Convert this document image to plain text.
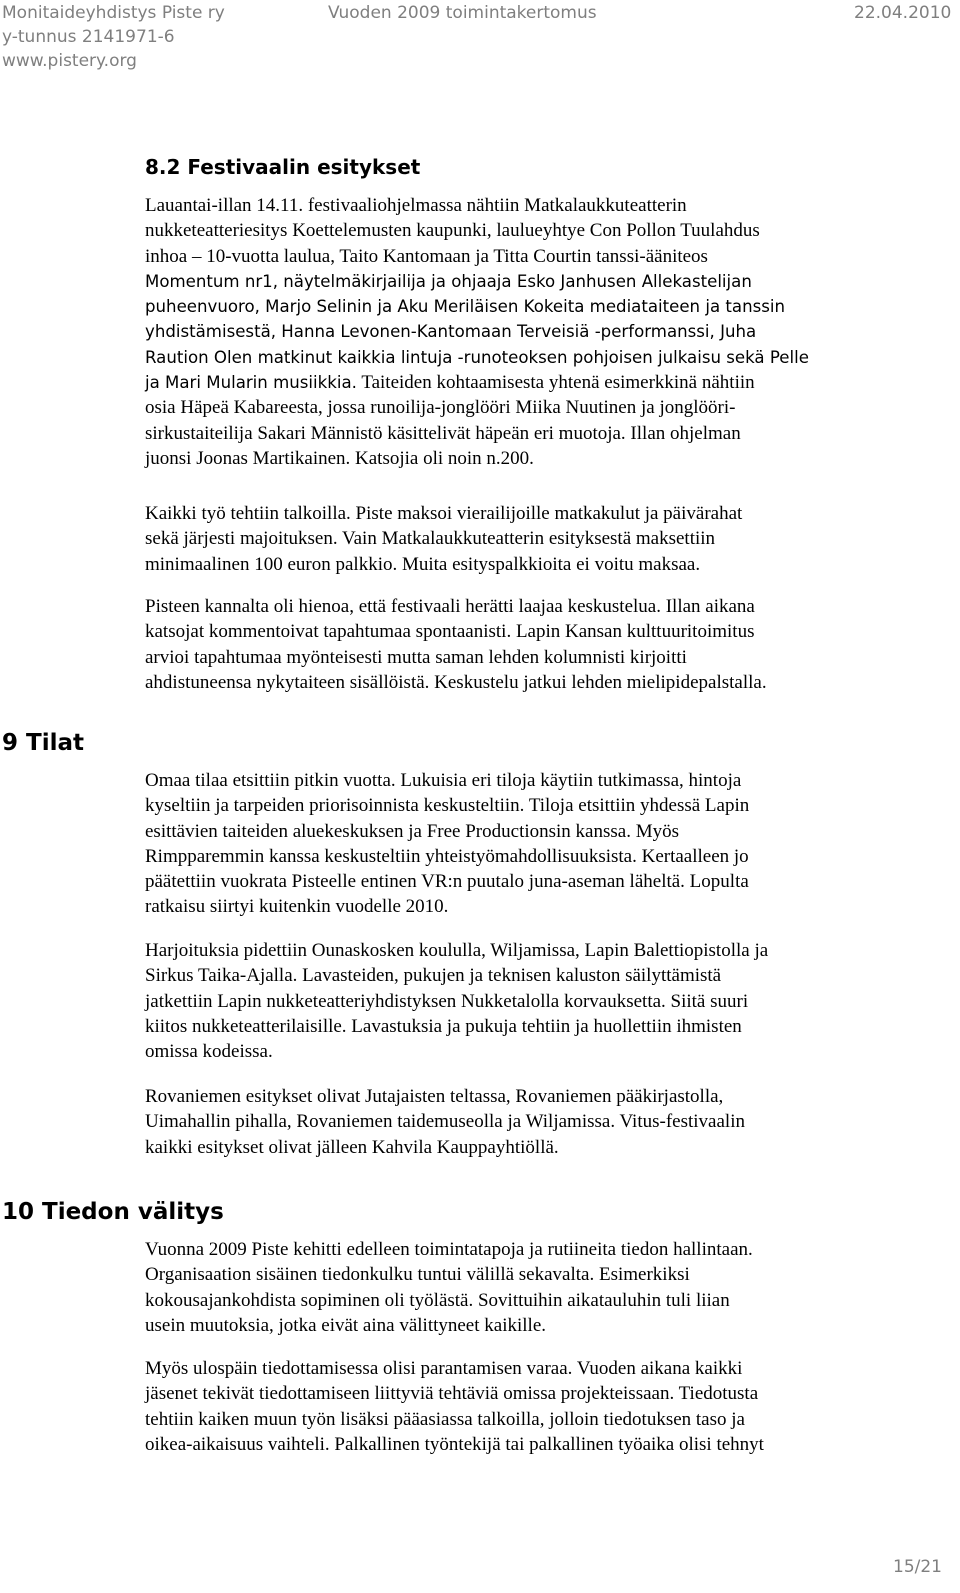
Monitaideyhdistys Piste ry	Vuoden 2009 toimintakertomus	22.04.2010
y-tunnus 2141971-6
www.pistery.org
8.2 Festivaalin esitykset
Lauantai-illan 14.11. festivaaliohjelmassa nähtiin Matkalaukkuteatterin
nukketeatteriesitys Koettelemusten kaupunki, laulueyhtye Con Pollon Tuulahdus
inhoa – 10-vuotta laulua, Taito Kantomaan ja Titta Courtin tanssi-ääniteos
Momentum nr1, näytelmäkirjailija ja ohjaaja Esko Janhusen Allekastelijan
puheenvuoro, Marjo Selinin ja Aku Meriläisen Kokeita mediataiteen ja tanssin
yhdistämisestä, Hanna Levonen-Kantomaan Terveisiä -performanssi, Juha
Raution Olen matkinut kaikkia lintuja -runoteoksen pohjoisen julkaisu sekä Pelle
ja Mari Mularin musiikkia. Taiteiden kohtaamisesta yhtenä esimerkkinä nähtiin
osia Häpeä Kabareesta, jossa runoilija-jonglööri Miika Nuutinen ja jonglööri-
sirkustaiteilija Sakari Männistö käsittelivät häpeän eri muotoja. Illan ohjelman
juonsi Joonas Martikainen. Katsojia oli noin n.200.
Kaikki työ tehtiin talkoilla. Piste maksoi vierailijoille matkakulut ja päivärahat
sekä järjesti majoituksen. Vain Matkalaukkuteatterin esityksestä maksettiin
minimaalinen 100 euron palkkio. Muita esityspalkkioita ei voitu maksaa.
Pisteen kannalta oli hienoa, että festivaali herätti laajaa keskustelua. Illan aikana
katsojat kommentoivat tapahtumaa spontaanisti. Lapin Kansan kulttuuritoimitus
arvioi tapahtumaa myönteisesti mutta saman lehden kolumnisti kirjoitti
ahdistuneensa nykytaiteen sisällöistä. Keskustelu jatkui lehden mielipidepalstalla.
9 Tilat
Omaa tilaa etsittiin pitkin vuotta. Lukuisia eri tiloja käytiin tutkimassa, hintoja
kyseltiin ja tarpeiden priorisoinnista keskusteltiin. Tiloja etsittiin yhdessä Lapin
esittävien taiteiden aluekeskuksen ja Free Productionsin kanssa. Myös
Rimpparemmin kanssa keskusteltiin yhteistyömahdollisuuksista. Kertaalleen jo
päätettiin vuokrata Pisteelle entinen VR:n puutalo juna-aseman läheltä. Lopulta
ratkaisu siirtyi kuitenkin vuodelle 2010.
Harjoituksia pidettiin Ounaskosken koululla, Wiljamissa, Lapin Balettiopistolla ja
Sirkus Taika-Ajalla. Lavasteiden, pukujen ja teknisen kaluston säilyttämistä
jatkettiin Lapin nukketeatteriyhdistyksen Nukketalolla korvauksetta. Siitä suuri
kiitos nukketeatterilaisille. Lavastuksia ja pukuja tehtiin ja huollettiin ihmisten
omissa kodeissa.
Rovaniemen esitykset olivat Jutajaisten teltassa, Rovaniemen pääkirjastolla,
Uimahallin pihalla, Rovaniemen taidemuseolla ja Wiljamissa. Vitus-festivaalin
kaikki esitykset olivat jälleen Kahvila Kauppayhtiöllä.
10 Tiedon välitys
Vuonna 2009 Piste kehitti edelleen toimintatapoja ja rutiineita tiedon hallintaan.
Organisaation sisäinen tiedonkulku tuntui välillä sekavalta. Esimerkiksi
kokousajankohdista sopiminen oli työlästä. Sovittuihin aikatauluhin tuli liian
usein muutoksia, jotka eivät aina välittyneet kaikille.
Myös ulospäin tiedottamisessa olisi parantamisen varaa. Vuoden aikana kaikki
jäsenet tekivät tiedottamiseen liittyviä tehtäviä omissa projekteissaan. Tiedotusta
tehtiin kaiken muun työn lisäksi pääasiassa talkoilla, jolloin tiedotuksen taso ja
oikea-aikaisuus vaihteli. Palkallinen työntekijä tai palkallinen työaika olisi tehnyt
15/21
